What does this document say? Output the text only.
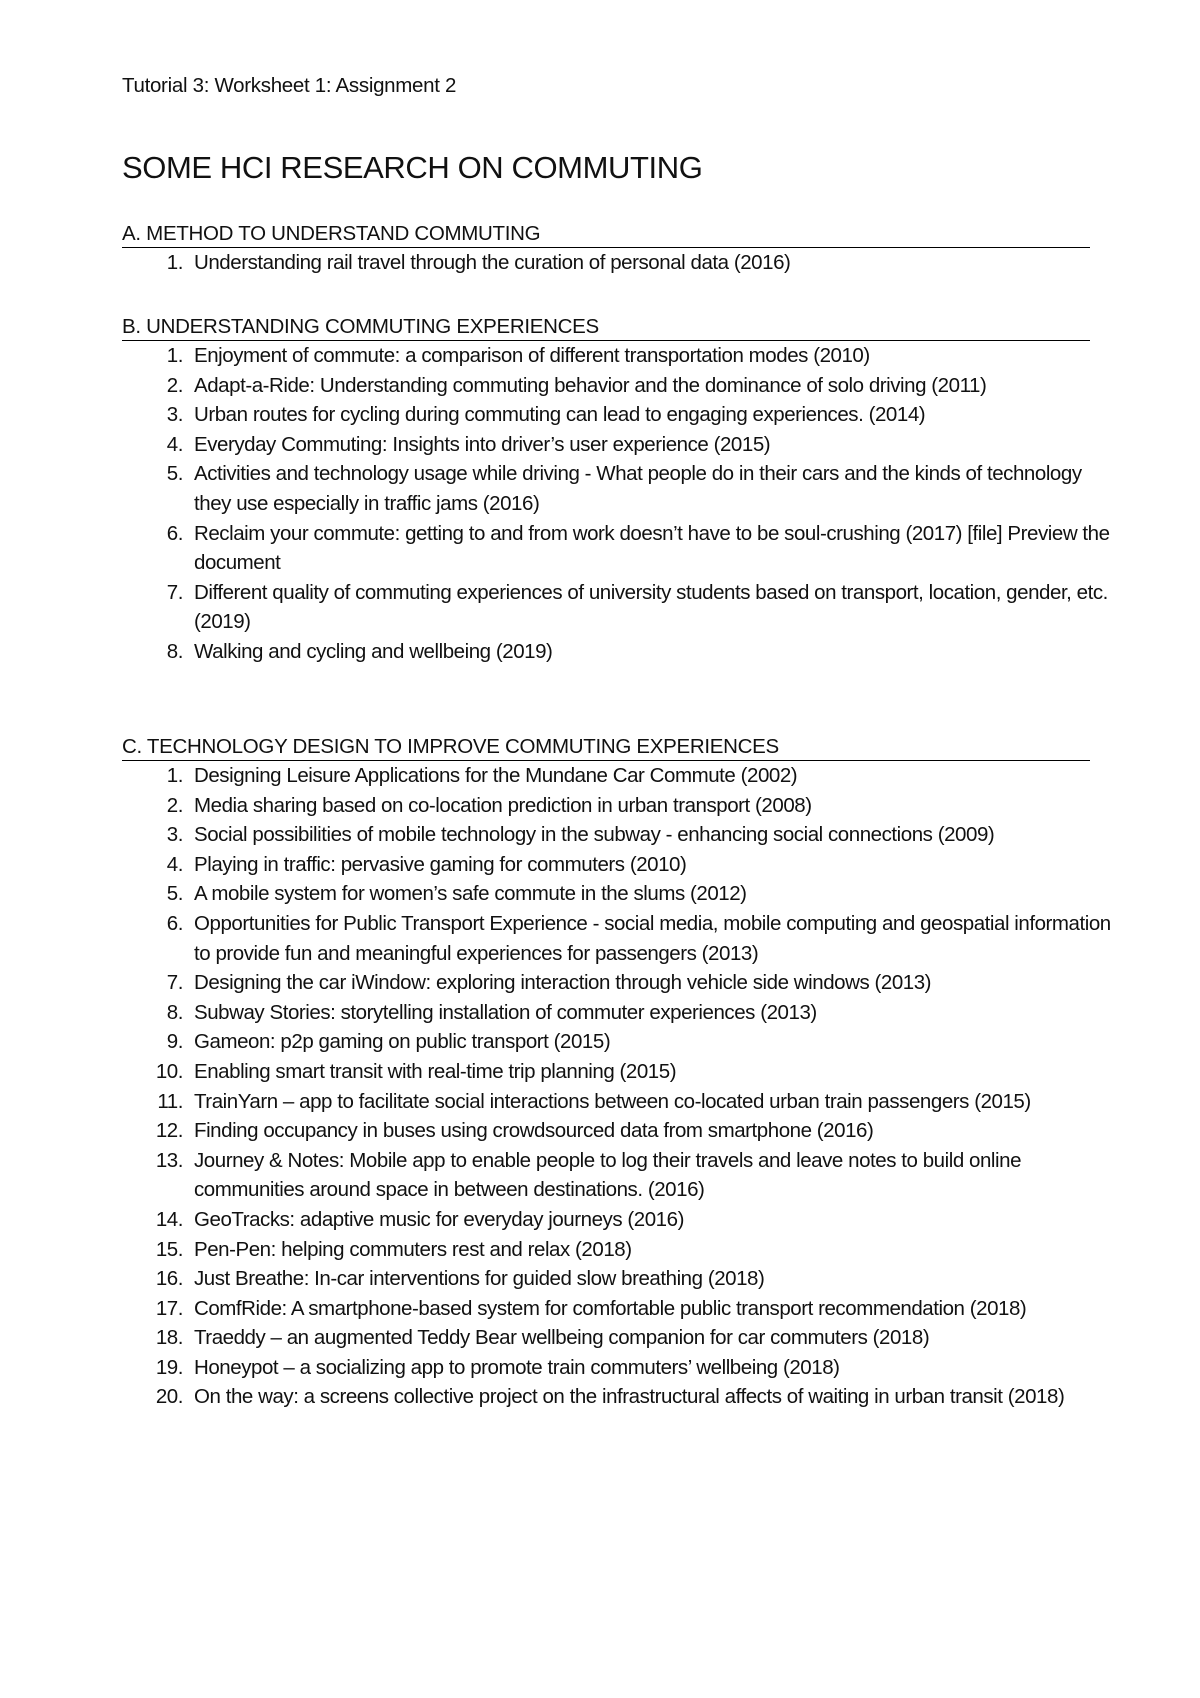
Tutorial 3: Worksheet 1: Assignment 2
SOME HCI RESEARCH ON COMMUTING
A. METHOD TO UNDERSTAND COMMUTING
1. Understanding rail travel through the curation of personal data (2016)
B. UNDERSTANDING COMMUTING EXPERIENCES
1. Enjoyment of commute: a comparison of different transportation modes (2010)
2. Adapt-a-Ride: Understanding commuting behavior and the dominance of solo driving (2011)
3. Urban routes for cycling during commuting can lead to engaging experiences. (2014)
4. Everyday Commuting: Insights into driver’s user experience (2015)
5. Activities and technology usage while driving - What people do in their cars and the kinds of technology they use especially in traffic jams (2016)
6. Reclaim your commute: getting to and from work doesn’t have to be soul-crushing (2017) [file] Preview the document
7. Different quality of commuting experiences of university students based on transport, location, gender, etc. (2019)
8. Walking and cycling and wellbeing (2019)
C. TECHNOLOGY DESIGN TO IMPROVE COMMUTING EXPERIENCES
1. Designing Leisure Applications for the Mundane Car Commute (2002)
2. Media sharing based on co-location prediction in urban transport (2008)
3. Social possibilities of mobile technology in the subway - enhancing social connections (2009)
4. Playing in traffic: pervasive gaming for commuters (2010)
5. A mobile system for women’s safe commute in the slums (2012)
6. Opportunities for Public Transport Experience - social media, mobile computing and geospatial information to provide fun and meaningful experiences for passengers (2013)
7. Designing the car iWindow: exploring interaction through vehicle side windows (2013)
8. Subway Stories: storytelling installation of commuter experiences (2013)
9. Gameon: p2p gaming on public transport (2015)
10. Enabling smart transit with real-time trip planning (2015)
11. TrainYarn – app to facilitate social interactions between co-located urban train passengers (2015)
12. Finding occupancy in buses using crowdsourced data from smartphone (2016)
13. Journey & Notes: Mobile app to enable people to log their travels and leave notes to build online communities around space in between destinations. (2016)
14. GeoTracks: adaptive music for everyday journeys (2016)
15. Pen-Pen: helping commuters rest and relax (2018)
16. Just Breathe: In-car interventions for guided slow breathing (2018)
17. ComfRide: A smartphone-based system for comfortable public transport recommendation (2018)
18. Traeddy – an augmented Teddy Bear wellbeing companion for car commuters (2018)
19. Honeypot – a socializing app to promote train commuters’ wellbeing (2018)
20. On the way: a screens collective project on the infrastructural affects of waiting in urban transit (2018)
